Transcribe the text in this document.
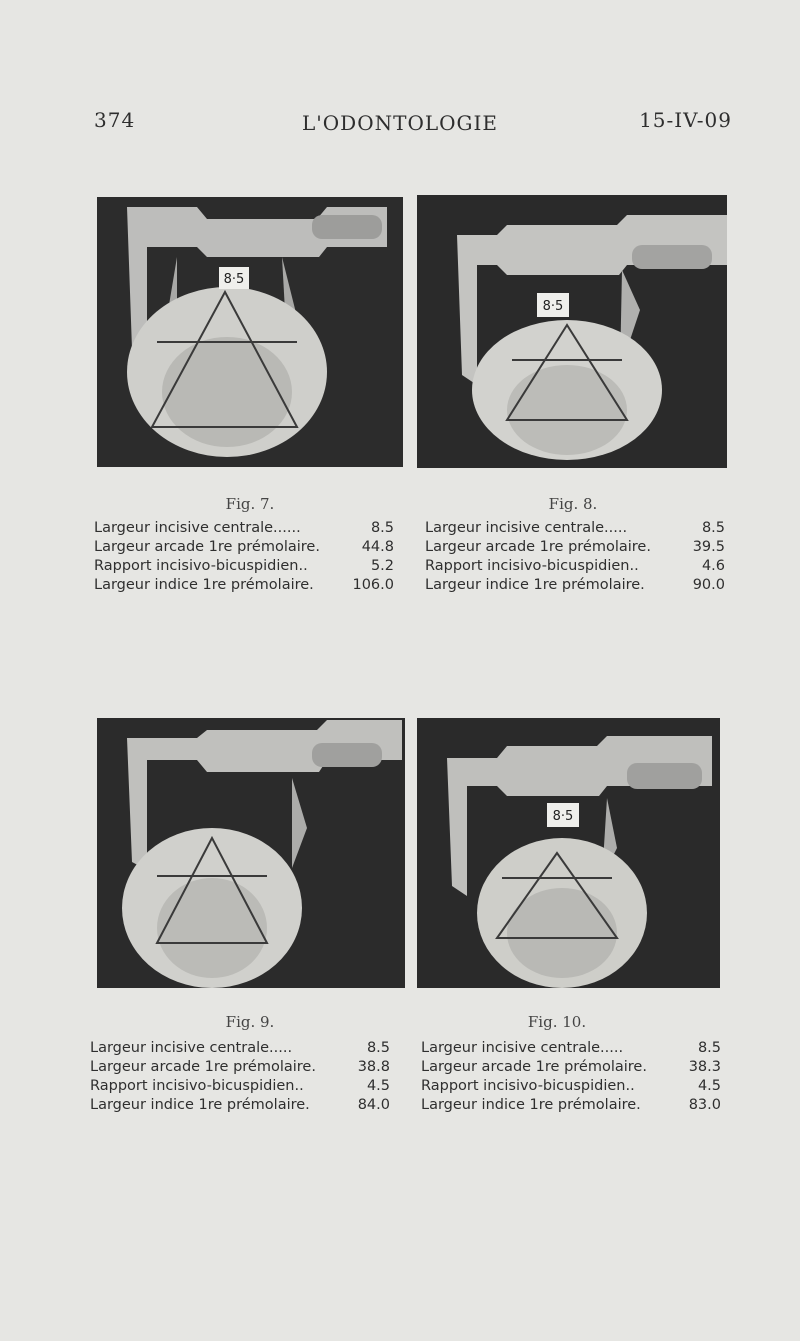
374	L'ODONTOLOGIE	15-IV-09
8·5
8·5
8·5
Fig. 7.	Fig. 8.
Fig. 9.	Fig. 10.
Largeur incisive centrale......	8.5
Largeur arcade 1re prémolaire.	44.8
Rapport incisivo-bicuspidien..	5.2
Largeur indice 1re prémolaire.	106.0
Largeur incisive centrale.....	8.5
Largeur arcade 1re prémolaire.	39.5
Rapport incisivo-bicuspidien..	4.6
Largeur indice 1re prémolaire.	90.0
Largeur incisive centrale.....	8.5
Largeur arcade 1re prémolaire.	38.8
Rapport incisivo-bicuspidien..	4.5
Largeur indice 1re prémolaire.	84.0
Largeur incisive centrale.....	8.5
Largeur arcade 1re prémolaire.	38.3
Rapport incisivo-bicuspidien..	4.5
Largeur indice 1re prémolaire.	83.0
